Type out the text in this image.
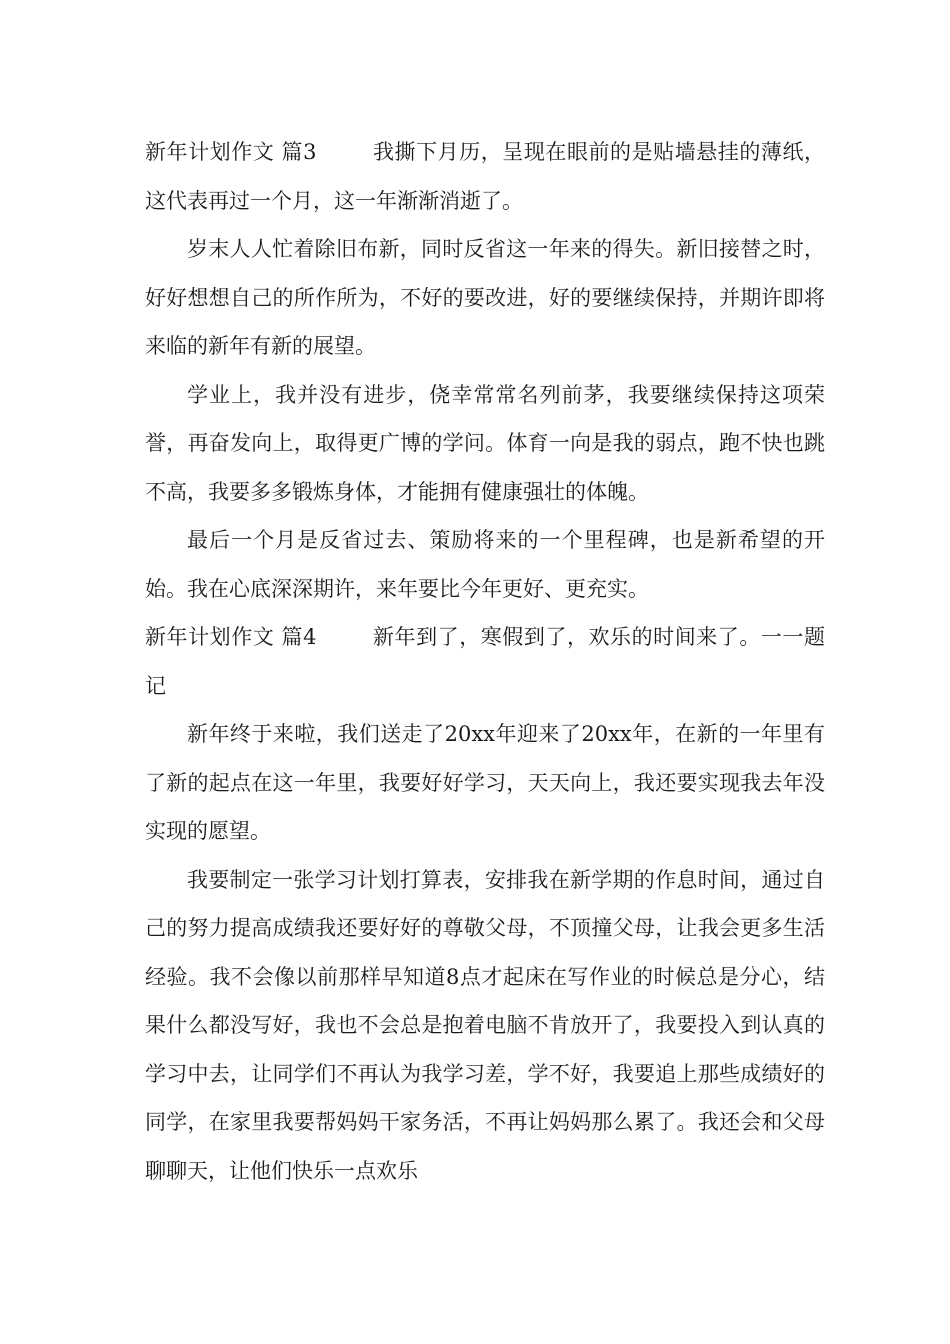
新年计划作文 篇3	我撕下月历，呈现在眼前的是贴墙悬挂的薄纸，这代表再过一个月，这一年渐渐消逝了。

岁末人人忙着除旧布新，同时反省这一年来的得失。新旧接替之时，好好想想自己的所作所为，不好的要改进，好的要继续保持，并期许即将来临的新年有新的展望。

学业上，我并没有进步，侥幸常常名列前茅，我要继续保持这项荣誉，再奋发向上，取得更广博的学问。体育一向是我的弱点，跑不快也跳不高，我要多多锻炼身体，才能拥有健康强壮的体魄。

最后一个月是反省过去、策励将来的一个里程碑，也是新希望的开始。我在心底深深期许，来年要比今年更好、更充实。

新年计划作文 篇4	新年到了，寒假到了，欢乐的时间来了。一一题记

新年终于来啦，我们送走了20xx年迎来了20xx年，在新的一年里有了新的起点在这一年里，我要好好学习，天天向上，我还要实现我去年没实现的愿望。

我要制定一张学习计划打算表，安排我在新学期的作息时间，通过自己的努力提高成绩我还要好好的尊敬父母，不顶撞父母，让我会更多生活经验。我不会像以前那样早知道8点才起床在写作业的时候总是分心，结果什么都没写好，我也不会总是抱着电脑不肯放开了，我要投入到认真的学习中去，让同学们不再认为我学习差，学不好，我要追上那些成绩好的同学，在家里我要帮妈妈干家务活，不再让妈妈那么累了。我还会和父母聊聊天，让他们快乐一点欢乐
